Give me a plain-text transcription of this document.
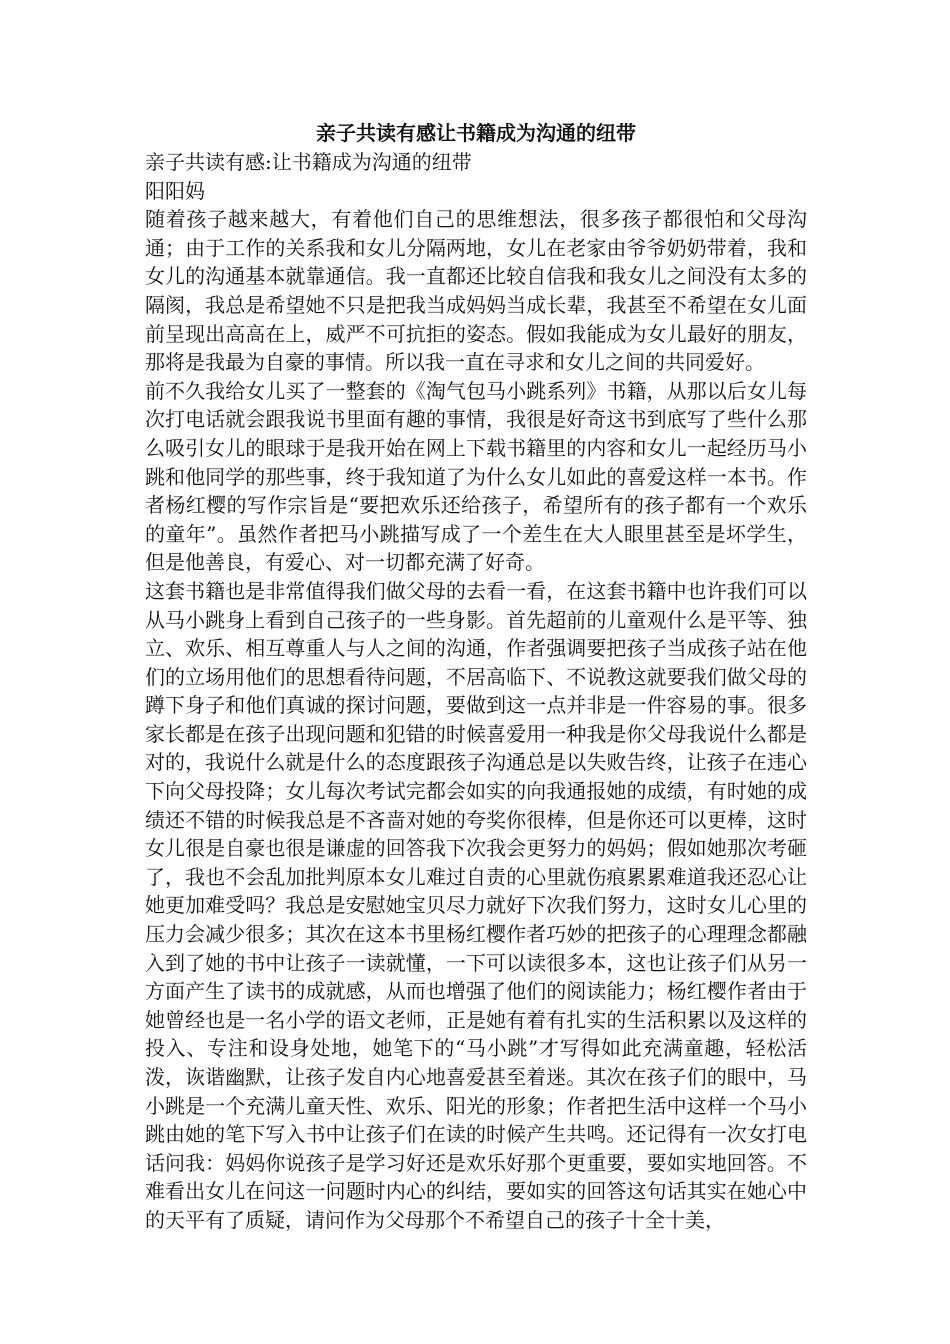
亲子共读有感让书籍成为沟通的纽带

亲子共读有感:让书籍成为沟通的纽带

阳阳妈

随着孩子越来越大，有着他们自己的思维想法，很多孩子都很怕和父母沟通；由于工作的关系我和女儿分隔两地，女儿在老家由爷爷奶奶带着，我和女儿的沟通基本就靠通信。我一直都还比较自信我和我女儿之间没有太多的隔阂，我总是希望她不只是把我当成妈妈当成长辈，我甚至不希望在女儿面前呈现出高高在上，威严不可抗拒的姿态。假如我能成为女儿最好的朋友，那将是我最为自豪的事情。所以我一直在寻求和女儿之间的共同爱好。

前不久我给女儿买了一整套的《淘气包马小跳系列》书籍，从那以后女儿每次打电话就会跟我说书里面有趣的事情，我很是好奇这书到底写了些什么那么吸引女儿的眼球于是我开始在网上下载书籍里的内容和女儿一起经历马小跳和他同学的那些事，终于我知道了为什么女儿如此的喜爱这样一本书。作者杨红樱的写作宗旨是“要把欢乐还给孩子，希望所有的孩子都有一个欢乐的童年”。虽然作者把马小跳描写成了一个差生在大人眼里甚至是坏学生，但是他善良，有爱心、对一切都充满了好奇。

这套书籍也是非常值得我们做父母的去看一看，在这套书籍中也许我们可以从马小跳身上看到自己孩子的一些身影。首先超前的儿童观什么是平等、独立、欢乐、相互尊重人与人之间的沟通，作者强调要把孩子当成孩子站在他们的立场用他们的思想看待问题，不居高临下、不说教这就要我们做父母的蹲下身子和他们真诚的探讨问题，要做到这一点并非是一件容易的事。很多家长都是在孩子出现问题和犯错的时候喜爱用一种我是你父母我说什么都是对的，我说什么就是什么的态度跟孩子沟通总是以失败告终，让孩子在违心下向父母投降；女儿每次考试完都会如实的向我通报她的成绩，有时她的成绩还不错的时候我总是不吝啬对她的夸奖你很棒，但是你还可以更棒，这时女儿很是自豪也很是谦虚的回答我下次我会更努力的妈妈；假如她那次考砸了，我也不会乱加批判原本女儿难过自责的心里就伤痕累累难道我还忍心让她更加难受吗？我总是安慰她宝贝尽力就好下次我们努力，这时女儿心里的压力会减少很多；其次在这本书里杨红樱作者巧妙的把孩子的心理理念都融入到了她的书中让孩子一读就懂，一下可以读很多本，这也让孩子们从另一方面产生了读书的成就感，从而也增强了他们的阅读能力；杨红樱作者由于她曾经也是一名小学的语文老师，正是她有着有扎实的生活积累以及这样的投入、专注和设身处地，她笔下的“马小跳”才写得如此充满童趣，轻松活泼，诙谐幽默，让孩子发自内心地喜爱甚至着迷。其次在孩子们的眼中，马小跳是一个充满儿童天性、欢乐、阳光的形象；作者把生活中这样一个马小跳由她的笔下写入书中让孩子们在读的时候产生共鸣。还记得有一次女打电话问我：妈妈你说孩子是学习好还是欢乐好那个更重要，要如实地回答。不难看出女儿在问这一问题时内心的纠结，要如实的回答这句话其实在她心中的天平有了质疑，请问作为父母那个不希望自己的孩子十全十美，
